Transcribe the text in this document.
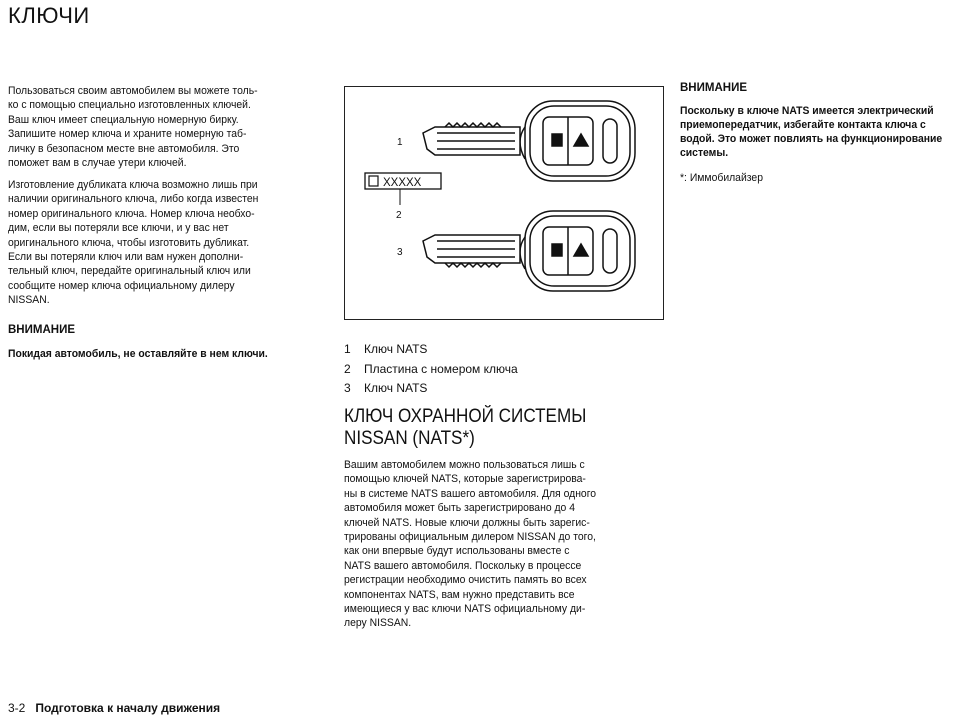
КЛЮЧИ
Пользоваться своим автомобилем вы можете толь-
ко с помощью специально изготовленных ключей.
Ваш ключ имеет специальную номерную бирку.
Запишите номер ключа и храните номерную таб-
личку в безопасном месте вне автомобиля. Это
поможет вам в случае утери ключей.
Изготовление дубликата ключа возможно лишь при
наличии оригинального ключа, либо когда известен
номер оригинального ключа. Номер ключа необхо-
дим, если вы потеряли все ключи, и у вас нет
оригинального ключа, чтобы изготовить дубликат.
Если вы потеряли ключ или вам нужен дополни-
тельный ключ, передайте оригинальный ключ или
сообщите номер ключа официальному дилеру
NISSAN.
ВНИМАНИЕ
Покидая автомобиль, не оставляйте в нем ключи.
XXXXX
1
2
3
1 Ключ NATS
2 Пластина с номером ключа
3 Ключ NATS
КЛЮЧ ОХРАННОЙ СИСТЕМЫ
NISSAN (NATS*)
Вашим автомобилем можно пользоваться лишь с
помощью ключей NATS, которые зарегистрирова-
ны в системе NATS вашего автомобиля. Для одного
автомобиля может быть зарегистрировано до 4
ключей NATS. Новые ключи должны быть зарегис-
трированы официальным дилером NISSAN до того,
как они впервые будут использованы вместе с
NATS вашего автомобиля. Поскольку в процессе
регистрации необходимо очистить память во всех
компонентах NATS, вам нужно представить все
имеющиеся у вас ключи NATS официальному ди-
леру NISSAN.
ВНИМАНИЕ
Поскольку в ключе NATS имеется электрический
приемопередатчик, избегайте контакта ключа с
водой. Это может повлиять на функционирование
системы.
*: Иммобилайзер
3-2 Подготовка к началу движения
